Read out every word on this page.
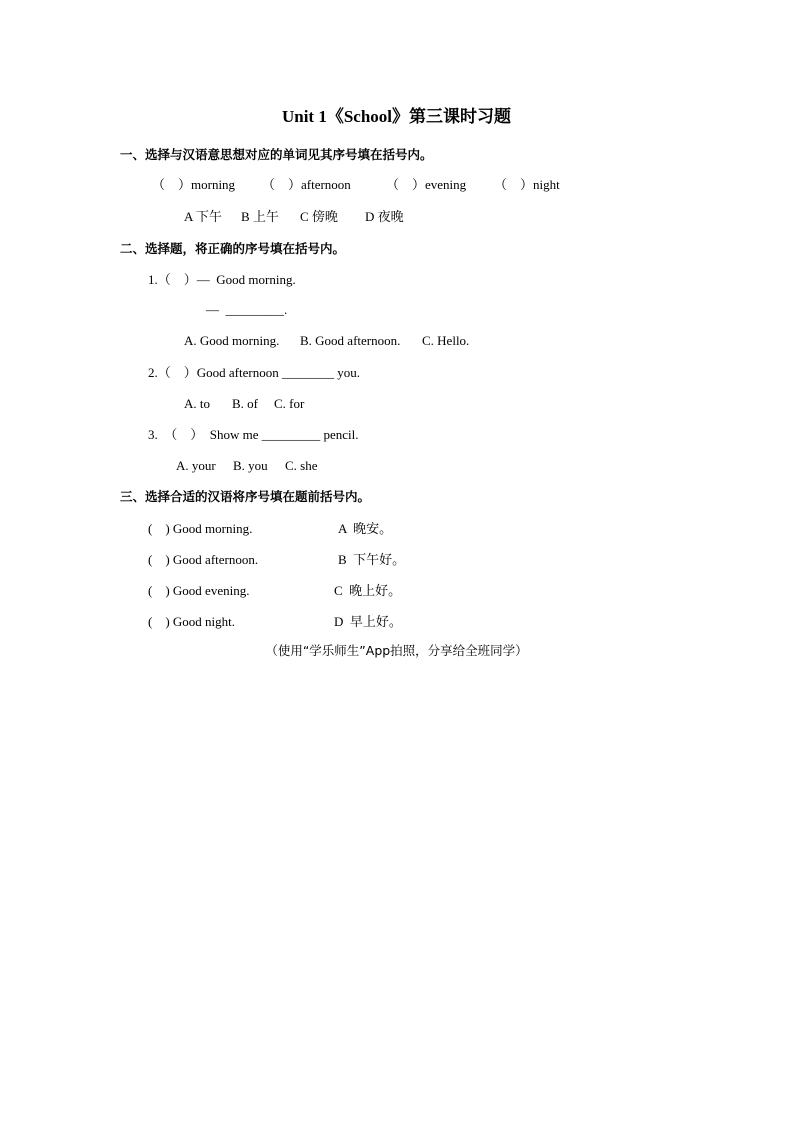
Unit 1《School》第三课时习题
一、选择与汉语意思想对应的单词见其序号填在括号内。
（    ）morning （    ）afternoon	（    ）evening （    ）night
A 下午 B 上午 C 傍晚 D 夜晚
二、选择题，将正确的序号填在括号内。
1.（    ）—  Good morning.
—  _________.
A. Good morning. B. Good afternoon. C. Hello.
2.（    ）Good afternoon ________ you.
A. to B. of C. for
3.  （    ）  Show me _________ pencil.
A. your B. you C. she
三、选择合适的汉语将序号填在题前括号内。
(    ) Good morning.	A  晚安。
(    ) Good afternoon.	B  下午好。
(    ) Good evening.	C  晚上好。
(    ) Good night.	D  早上好。
（使用“学乐师生”App拍照，分享给全班同学）
